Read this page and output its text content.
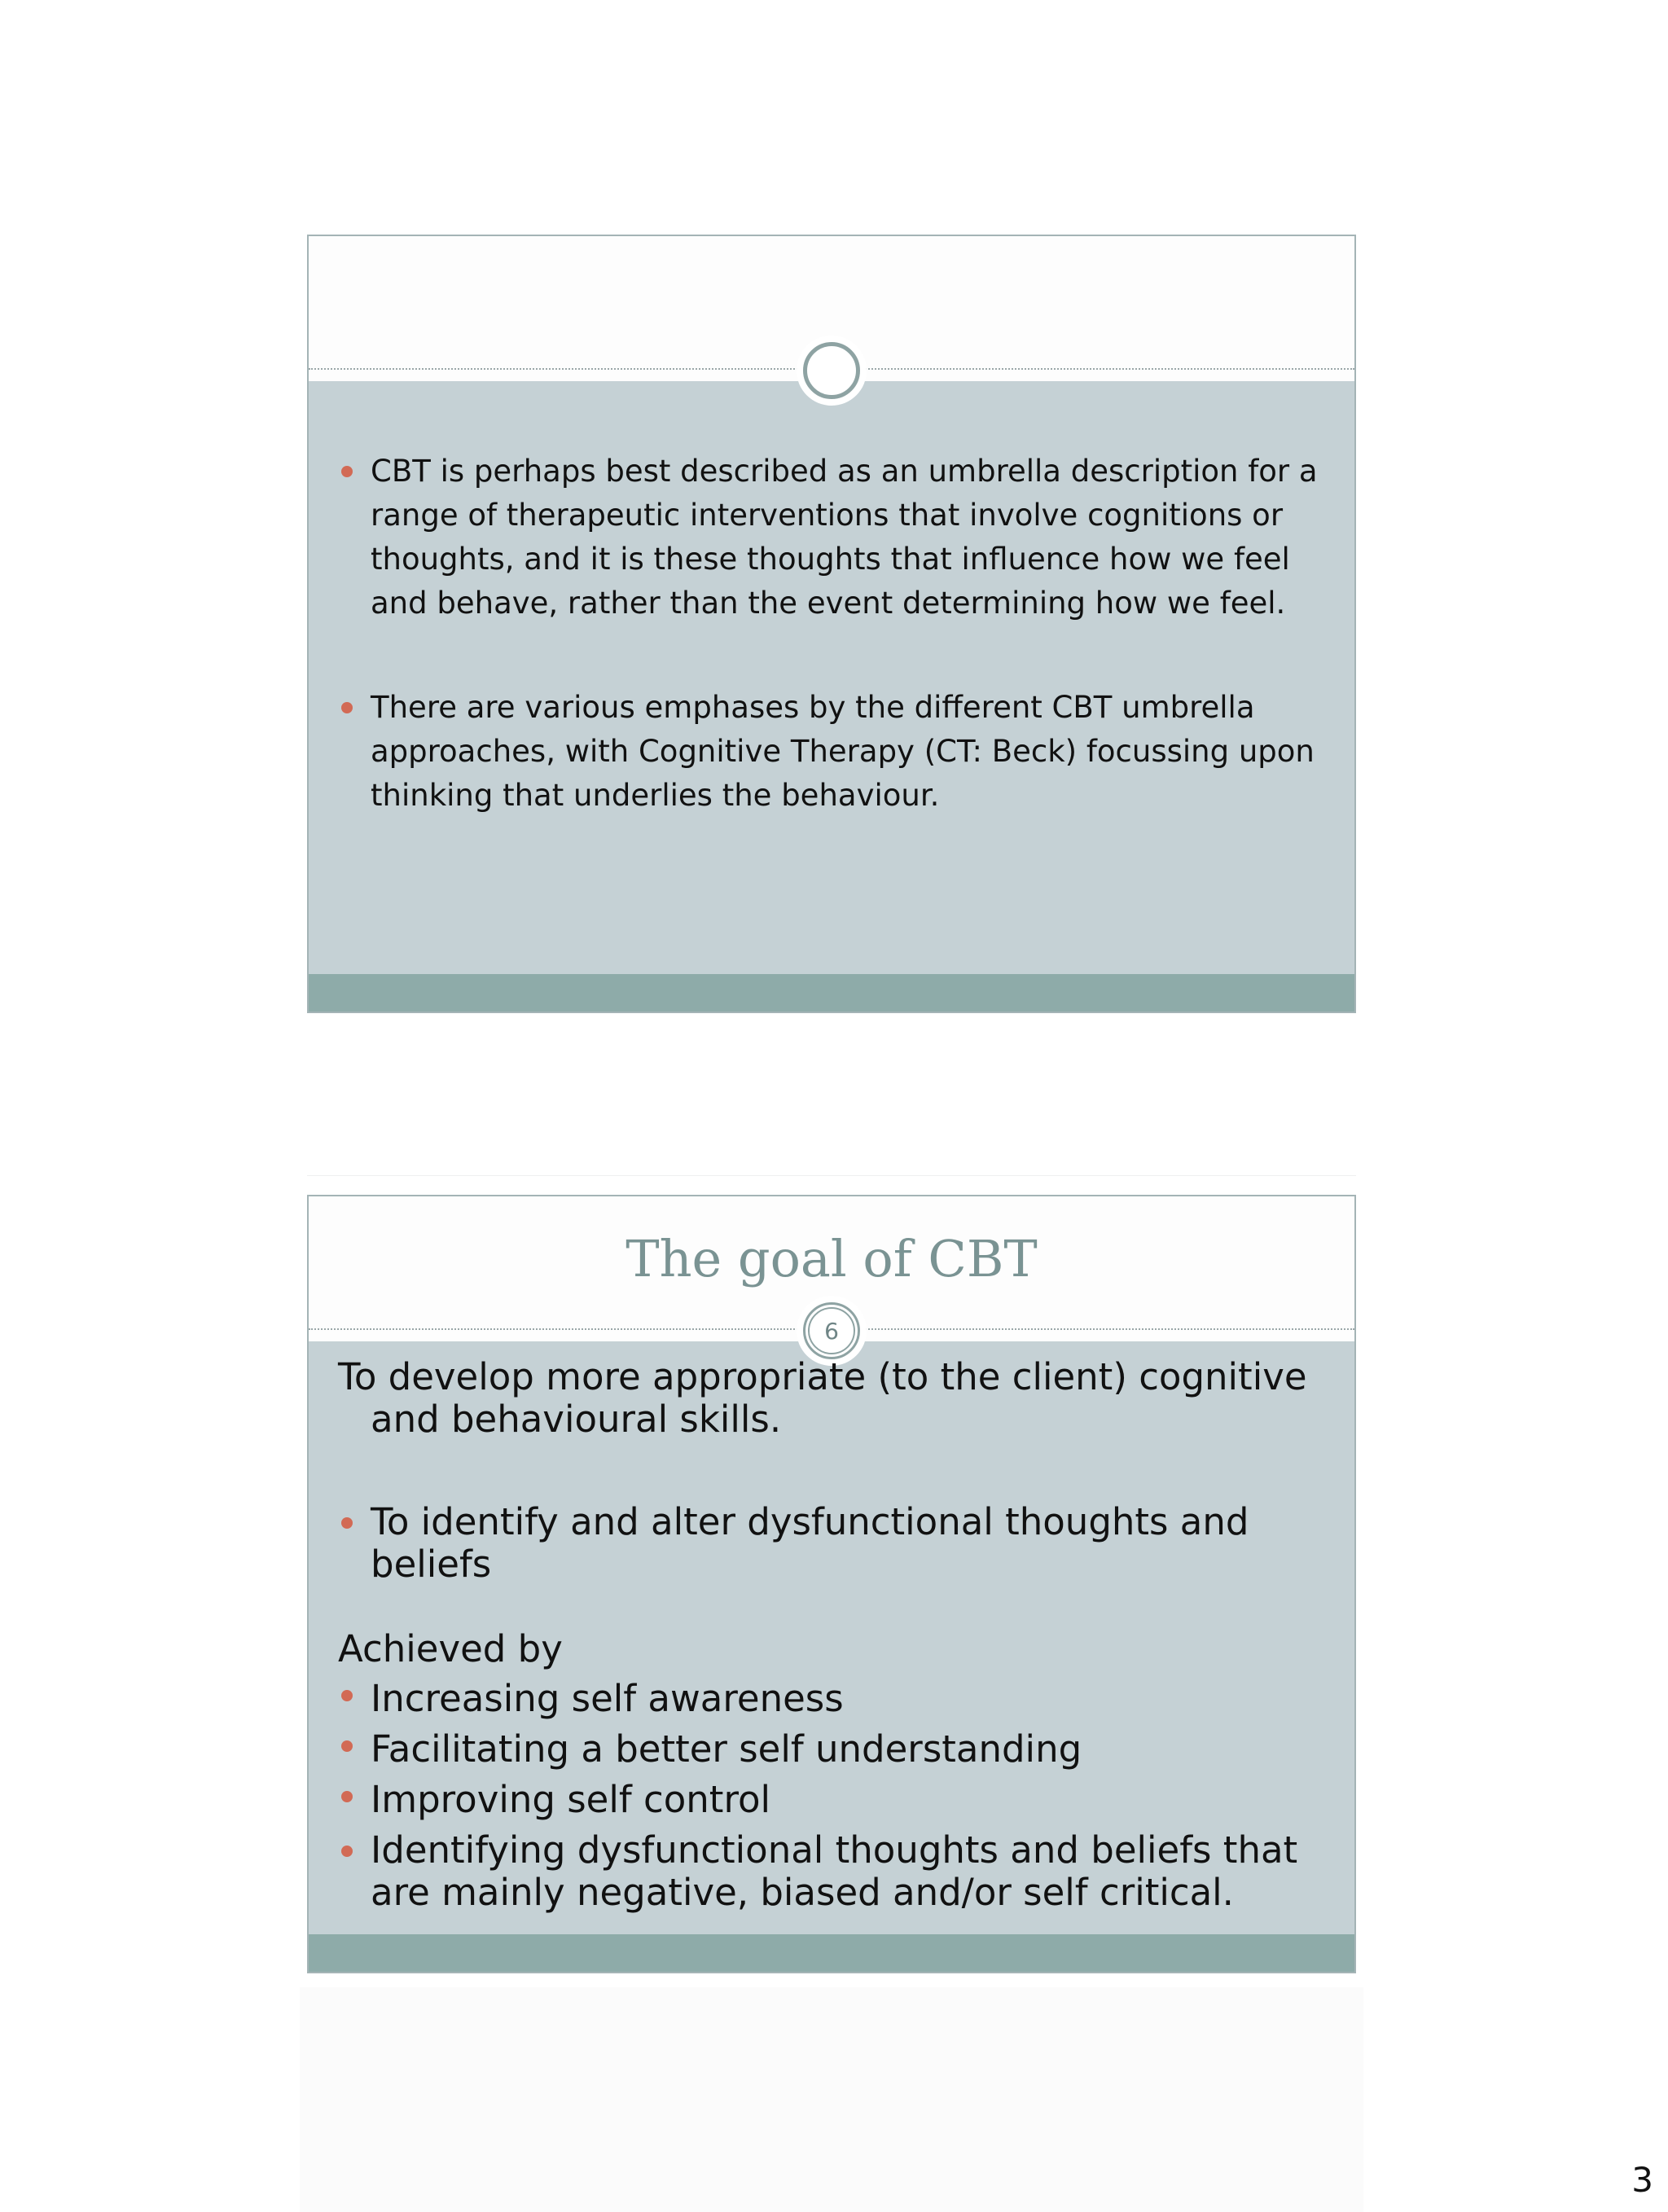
CBT is perhaps best described as an umbrella description for a range of therapeutic interventions that involve cognitions or thoughts, and it is these thoughts that influence how we feel and behave, rather than the event determining how we feel.
There are various emphases by the different CBT umbrella approaches, with Cognitive Therapy (CT: Beck) focussing upon thinking that underlies the behaviour.
The goal of CBT
6
To develop more appropriate (to the client) cognitive and behavioural skills.
To identify and alter dysfunctional thoughts and beliefs
Achieved by
Increasing self awareness
Facilitating a better self understanding
Improving self control
Identifying dysfunctional thoughts and beliefs that are mainly negative, biased and/or self critical.
3
